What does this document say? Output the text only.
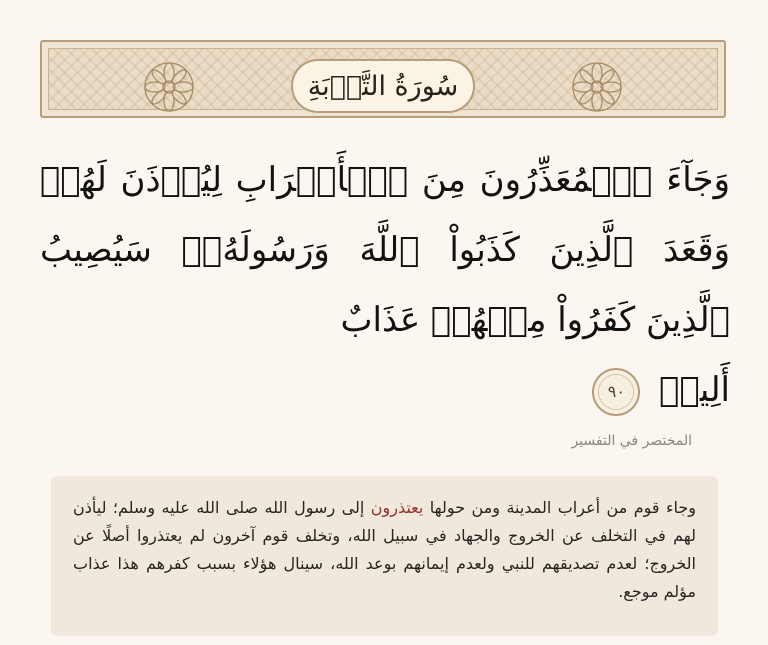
سُورَةُ التَّوۡبَةِ

وَجَآءَ ٱلۡمُعَذِّرُونَ مِنَ ٱلۡأَعۡرَابِ لِيُؤۡذَنَ لَهُمۡ وَقَعَدَ ٱلَّذِينَ كَذَبُواْ ٱللَّهَ وَرَسُولَهُۥۚ سَيُصِيبُ ٱلَّذِينَ كَفَرُواْ مِنۡهُمۡ عَذَابٌ
أَلِيمٞ ٩٠

المختصر في التفسير

وجاء قوم من أعراب المدينة ومن حولها يعتذرون إلى رسول الله صلى الله عليه وسلم؛ ليأذن لهم في التخلف عن الخروج والجهاد في سبيل الله، وتخلف قوم آخرون لم يعتذروا أصلًا عن الخروج؛ لعدم تصديقهم للنبي ولعدم إيمانهم بوعد الله، سينال هؤلاء بسبب كفرهم هذا عذاب مؤلم موجع.
